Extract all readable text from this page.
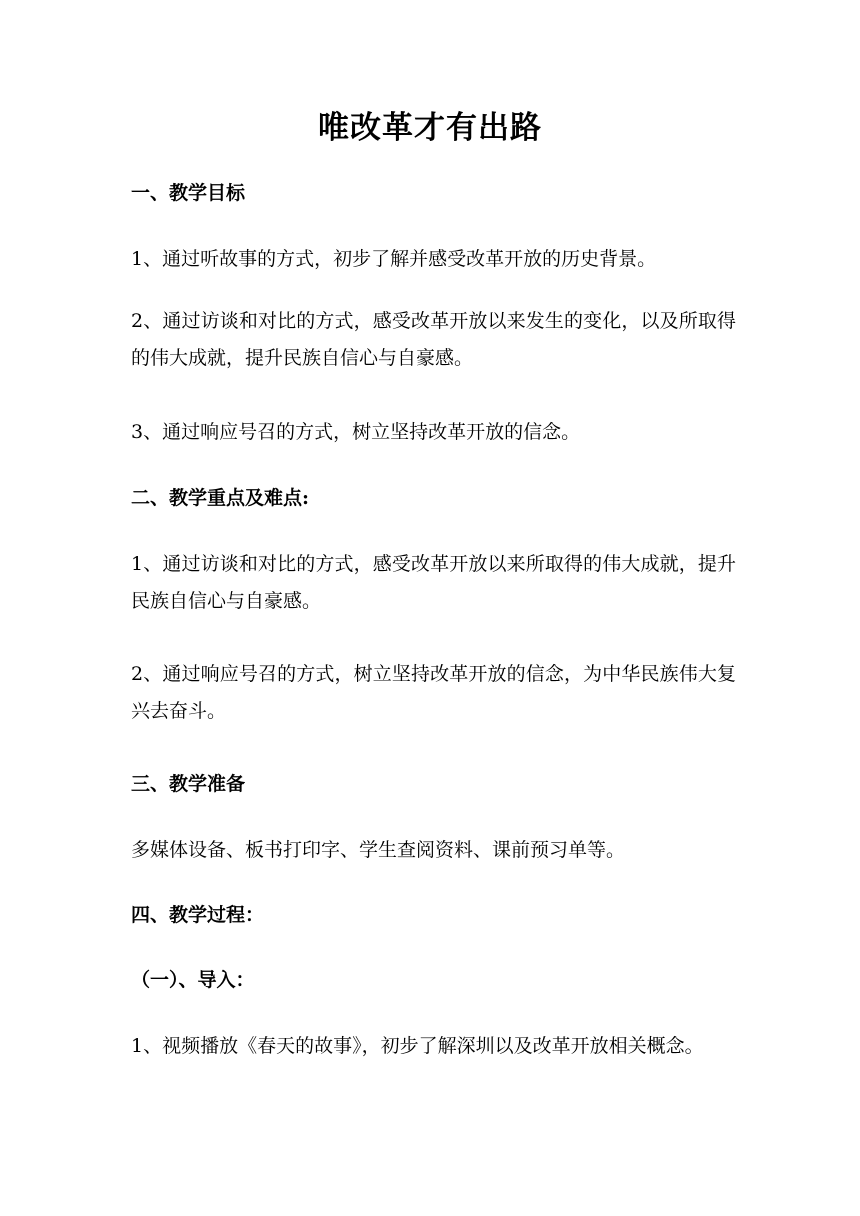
唯改革才有出路
一、教学目标
1、通过听故事的方式，初步了解并感受改革开放的历史背景。
2、通过访谈和对比的方式，感受改革开放以来发生的变化，以及所取得的伟大成就，提升民族自信心与自豪感。
3、通过响应号召的方式，树立坚持改革开放的信念。
二、教学重点及难点:
1、通过访谈和对比的方式，感受改革开放以来所取得的伟大成就，提升民族自信心与自豪感。
2、通过响应号召的方式，树立坚持改革开放的信念，为中华民族伟大复兴去奋斗。
三、教学准备
多媒体设备、板书打印字、学生查阅资料、课前预习单等。
四、教学过程：
（一）、导入：
1、视频播放《春天的故事》，初步了解深圳以及改革开放相关概念。
